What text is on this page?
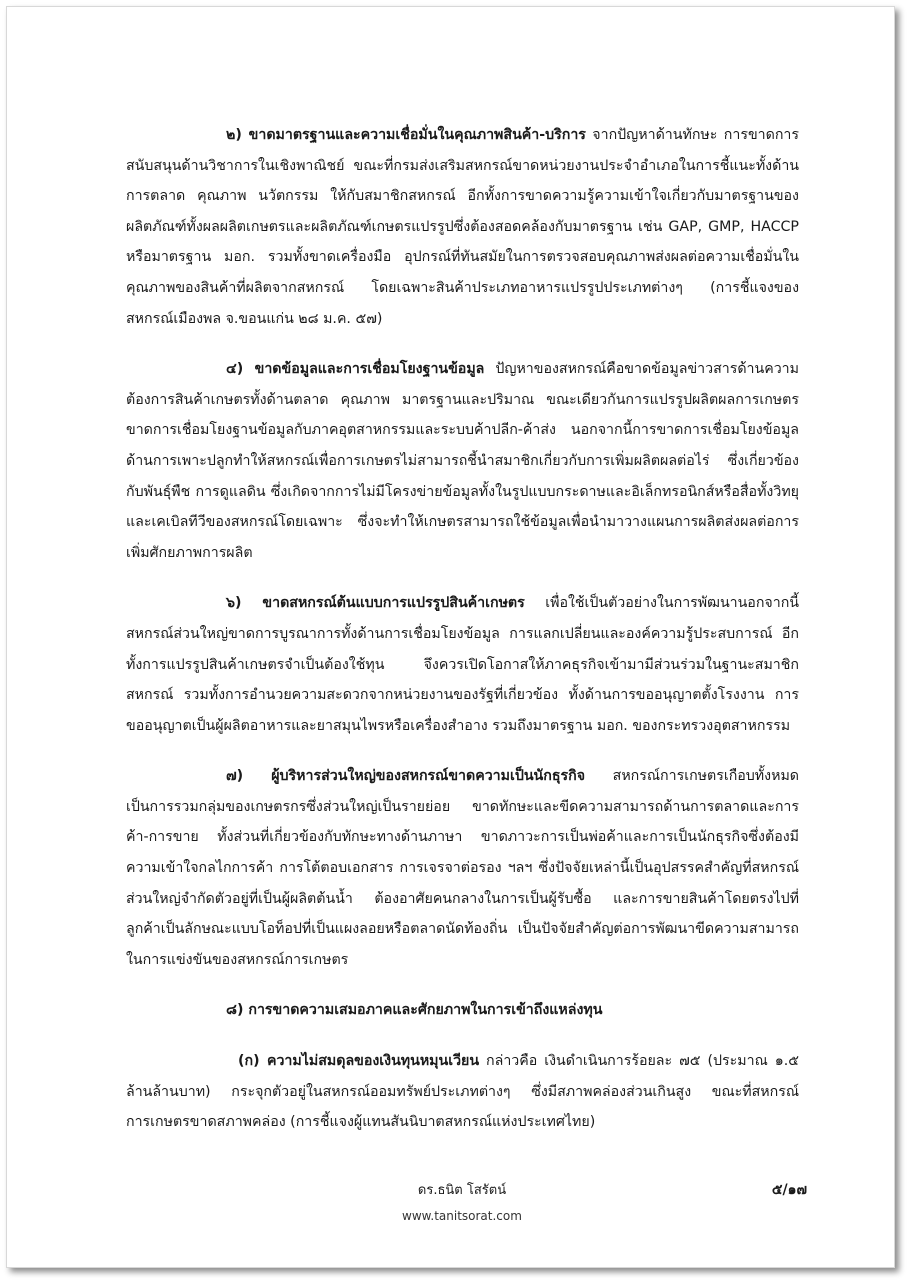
๒) ขาดมาตรฐานและความเชื่อมั่นในคุณภาพสินค้า-บริการ จากปัญหาด้านทักษะ การขาดการสนับสนุนด้านวิชาการในเชิงพาณิชย์ ขณะที่กรมส่งเสริมสหกรณ์ขาดหน่วยงานประจำอำเภอในการชี้แนะทั้งด้านการตลาด คุณภาพ นวัตกรรม ให้กับสมาชิกสหกรณ์ อีกทั้งการขาดความรู้ความเข้าใจเกี่ยวกับมาตรฐานของผลิตภัณฑ์ทั้งผลผลิตเกษตรและผลิตภัณฑ์เกษตรแปรรูปซึ่งต้องสอดคล้องกับมาตรฐาน เช่น GAP, GMP, HACCP หรือมาตรฐาน มอก. รวมทั้งขาดเครื่องมือ อุปกรณ์ที่ทันสมัยในการตรวจสอบคุณภาพส่งผลต่อความเชื่อมั่นในคุณภาพของสินค้าที่ผลิตจากสหกรณ์ โดยเฉพาะสินค้าประเภทอาหารแปรรูปประเภทต่างๆ (การชี้แจงของสหกรณ์เมืองพล จ.ขอนแก่น ๒๘ ม.ค. ๕๗)

๔) ขาดข้อมูลและการเชื่อมโยงฐานข้อมูล ปัญหาของสหกรณ์คือขาดข้อมูลข่าวสารด้านความต้องการสินค้าเกษตรทั้งด้านตลาด คุณภาพ มาตรฐานและปริมาณ ขณะเดียวกันการแปรรูปผลิตผลการเกษตรขาดการเชื่อมโยงฐานข้อมูลกับภาคอุตสาหกรรมและระบบค้าปลีก-ค้าส่ง นอกจากนี้การขาดการเชื่อมโยงข้อมูลด้านการเพาะปลูกทำให้สหกรณ์เพื่อการเกษตรไม่สามารถชี้นำสมาชิกเกี่ยวกับการเพิ่มผลิตผลต่อไร่ ซึ่งเกี่ยวข้องกับพันธุ์พืช การดูแลดิน ซึ่งเกิดจากการไม่มีโครงข่ายข้อมูลทั้งในรูปแบบกระดาษและอิเล็กทรอนิกส์หรือสื่อทั้งวิทยุและเคเบิลทีวีของสหกรณ์โดยเฉพาะ ซึ่งจะทำให้เกษตรสามารถใช้ข้อมูลเพื่อนำมาวางแผนการผลิตส่งผลต่อการเพิ่มศักยภาพการผลิต

๖) ขาดสหกรณ์ต้นแบบการแปรรูปสินค้าเกษตร เพื่อใช้เป็นตัวอย่างในการพัฒนานอกจากนี้สหกรณ์ส่วนใหญ่ขาดการบูรณาการทั้งด้านการเชื่อมโยงข้อมูล การแลกเปลี่ยนและองค์ความรู้ประสบการณ์ อีกทั้งการแปรรูปสินค้าเกษตรจำเป็นต้องใช้ทุน จึงควรเปิดโอกาสให้ภาคธุรกิจเข้ามามีส่วนร่วมในฐานะสมาชิกสหกรณ์ รวมทั้งการอำนวยความสะดวกจากหน่วยงานของรัฐที่เกี่ยวข้อง ทั้งด้านการขออนุญาตตั้งโรงงาน การขออนุญาตเป็นผู้ผลิตอาหารและยาสมุนไพรหรือเครื่องสำอาง รวมถึงมาตรฐาน มอก. ของกระทรวงอุตสาหกรรม

๗) ผู้บริหารส่วนใหญ่ของสหกรณ์ขาดความเป็นนักธุรกิจ สหกรณ์การเกษตรเกือบทั้งหมดเป็นการรวมกลุ่มของเกษตรกรซึ่งส่วนใหญ่เป็นรายย่อย ขาดทักษะและขีดความสามารถด้านการตลาดและการค้า-การขาย ทั้งส่วนที่เกี่ยวข้องกับทักษะทางด้านภาษา ขาดภาวะการเป็นพ่อค้าและการเป็นนักธุรกิจซึ่งต้องมีความเข้าใจกลไกการค้า การโต้ตอบเอกสาร การเจรจาต่อรอง ฯลฯ ซึ่งปัจจัยเหล่านี้เป็นอุปสรรคสำคัญที่สหกรณ์ส่วนใหญ่จำกัดตัวอยู่ที่เป็นผู้ผลิตต้นน้ำ ต้องอาศัยคนกลางในการเป็นผู้รับซื้อ และการขายสินค้าโดยตรงไปที่ลูกค้าเป็นลักษณะแบบโอท็อปที่เป็นแผงลอยหรือตลาดนัดท้องถิ่น เป็นปัจจัยสำคัญต่อการพัฒนาขีดความสามารถในการแข่งขันของสหกรณ์การเกษตร

๘) การขาดความเสมอภาคและศักยภาพในการเข้าถึงแหล่งทุน

(ก) ความไม่สมดุลของเงินทุนหมุนเวียน กล่าวคือ เงินดำเนินการร้อยละ ๗๕ (ประมาณ ๑.๕ ล้านล้านบาท) กระจุกตัวอยู่ในสหกรณ์ออมทรัพย์ประเภทต่างๆ ซึ่งมีสภาพคล่องส่วนเกินสูง ขณะที่สหกรณ์การเกษตรขาดสภาพคล่อง (การชี้แจงผู้แทนสันนิบาตสหกรณ์แห่งประเทศไทย)

ดร.ธนิต โสรัตน์	๕/๑๗
www.tanitsorat.com
